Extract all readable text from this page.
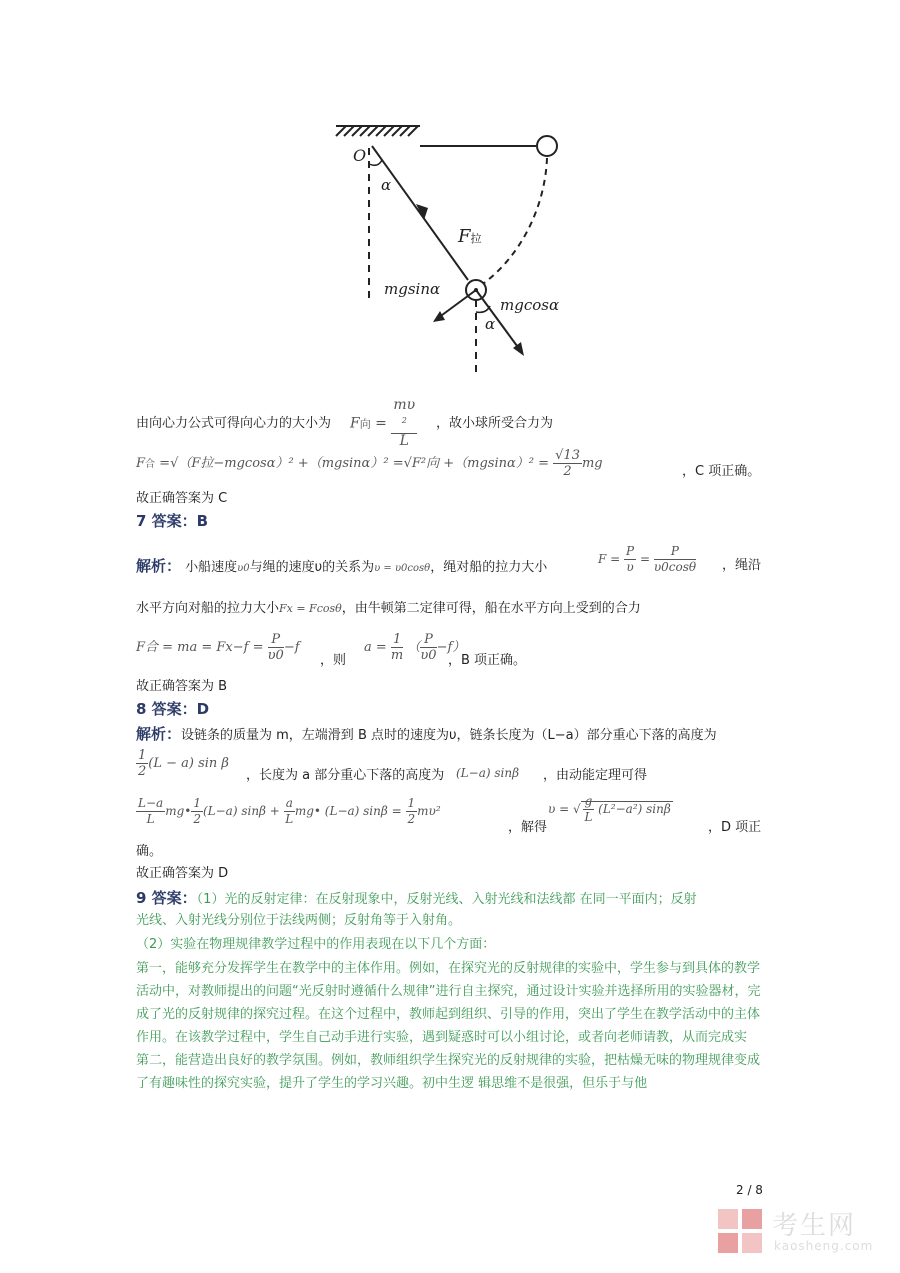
O
α
F拉
mgsinα
mgcosα
α
由向心力公式可得向心力的大小为 F向 = mυ
$^2$
L ，故小球所受合力为
F合 =√（F拉−mgcosα）² +（mgsinα）² =√F²向 $+(mgsin\alpha)^2 = \frac{√13}{2}$ mg
，C 项正确。
故正确答案为 C
7 答案：B
解析： 小船速度υ0与绳的速度υ的关系为υ = υ0cosθ，绳对船的拉力大小
$F = \frac{P}{\upsilon} = \frac{P}{\upsilon 0\cos\theta}$ ，绳沿
水平方向对船的拉力大小Fx = Fcosθ，由牛顿第二定律可得，船在水平方向上受到的合力
F合 = ma = $Fx-f = \frac{P}{\upsilon 0} -f$
，则
$a = \frac{1}{m}$ （ $\frac{P}{\upsilon 0} -f$）
，B 项正确。
故正确答案为 B
8 答案：D
解析：设链条的质量为 m，左端滑到 B 点时的速度为υ，链条长度为（L−a）部分重心下落的高度为
$\frac{1}{2} (L - a)$ sin β
，长度为 a 部分重心下落的高度为 (L−a) sinβ ，由动能定理可得
$\frac{L-a}{L}$ mg• $\frac{1}{2} (L-a) \sin\beta + \frac{a}{L}$ mg• (L−a) $\sin\beta = \frac{1}{2} m\upsilon^2$
，解得
υ = √ $\frac{g}{L} (L^2-a^2)$ sinβ
，D 项正
确。
故正确答案为 D
9 答案：（1）光的反射定律：在反射现象中，反射光线、入射光线和法线都 在同一平面内；反射
光线、入射光线分别位于法线两侧；反射角等于入射角。
（2）实验在物理规律教学过程中的作用表现在以下几个方面：
第一，能够充分发挥学生在教学中的主体作用。例如，在探究光的反射规律的实验中，学生参与到具体的教学活动中，对教师提出的问题“光反射时遵循什么规律”进行自主探究，通过设计实验并选择所用的实验器材，完成了光的反射规律的探究过程。在这个过程中，教师起到组织、引导的作用，突出了学生在教学活动中的主体作用。在该教学过程中，学生自己动手进行实验，遇到疑惑时可以小组讨论，或者向老师请教，从而完成实
第二，能营造出良好的教学氛围。例如，教师组织学生探究光的反射规律的实验，把枯燥无味的物理规律变成了有趣味性的探究实验，提升了学生的学习兴趣。初中生逻 辑思维不是很强，但乐于与他
2 / 8
考生网
kaosheng.com
